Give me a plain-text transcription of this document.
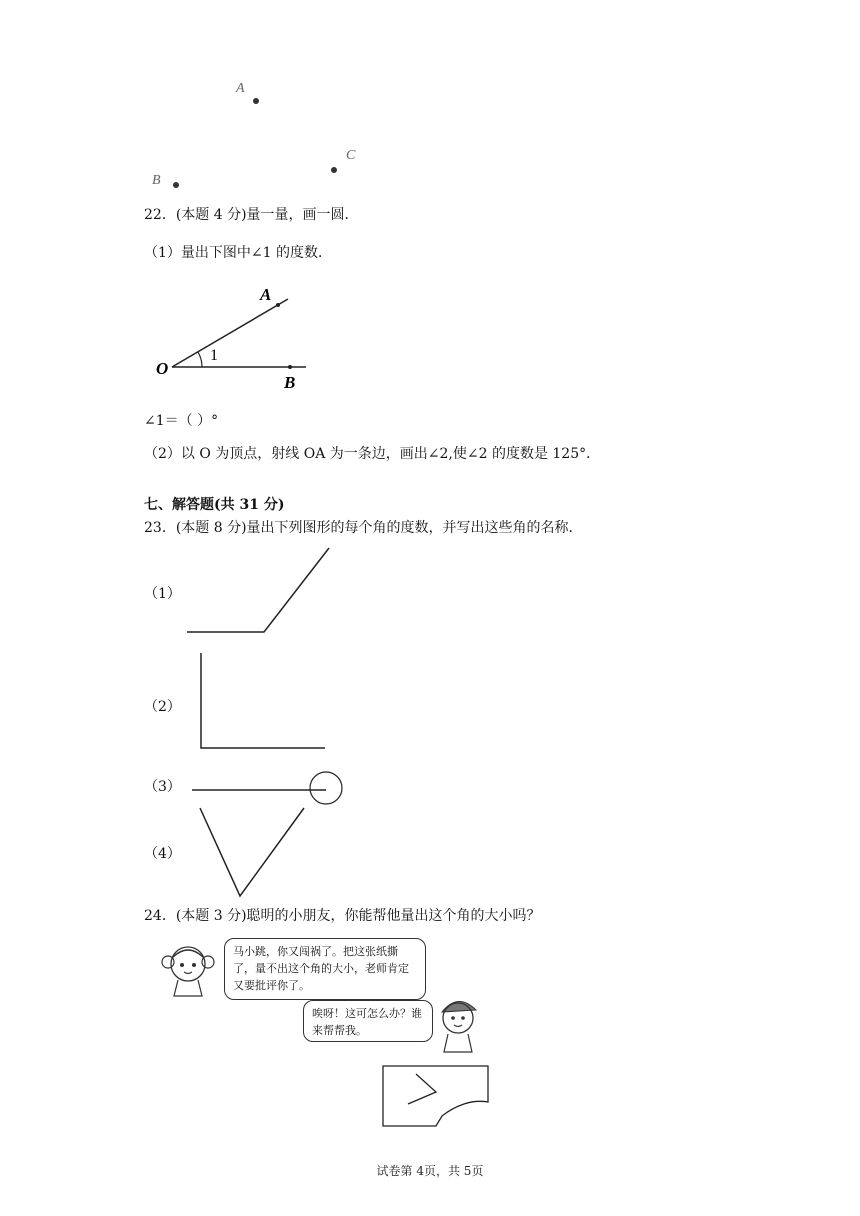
A
C
B
22．(本题 4 分)量一量，画一圆．
（1）量出下图中∠1 的度数．
A
O
1
B
∠1＝（ ）°
（2）以 O 为顶点，射线 OA 为一条边，画出∠2,使∠2 的度数是 125°．
七、解答题(共 31 分)
23．(本题 8 分)量出下列图形的每个角的度数，并写出这些角的名称．
（1）
（2）
（3）
（4）
24．(本题 3 分)聪明的小朋友，你能帮他量出这个角的大小吗？
马小跳，你又闯祸了。把这张纸撕了，量不出这个角的大小，老师肯定又要批评你了。
唉呀！这可怎么办？谁来帮帮我。
试卷第 4页，共 5页
